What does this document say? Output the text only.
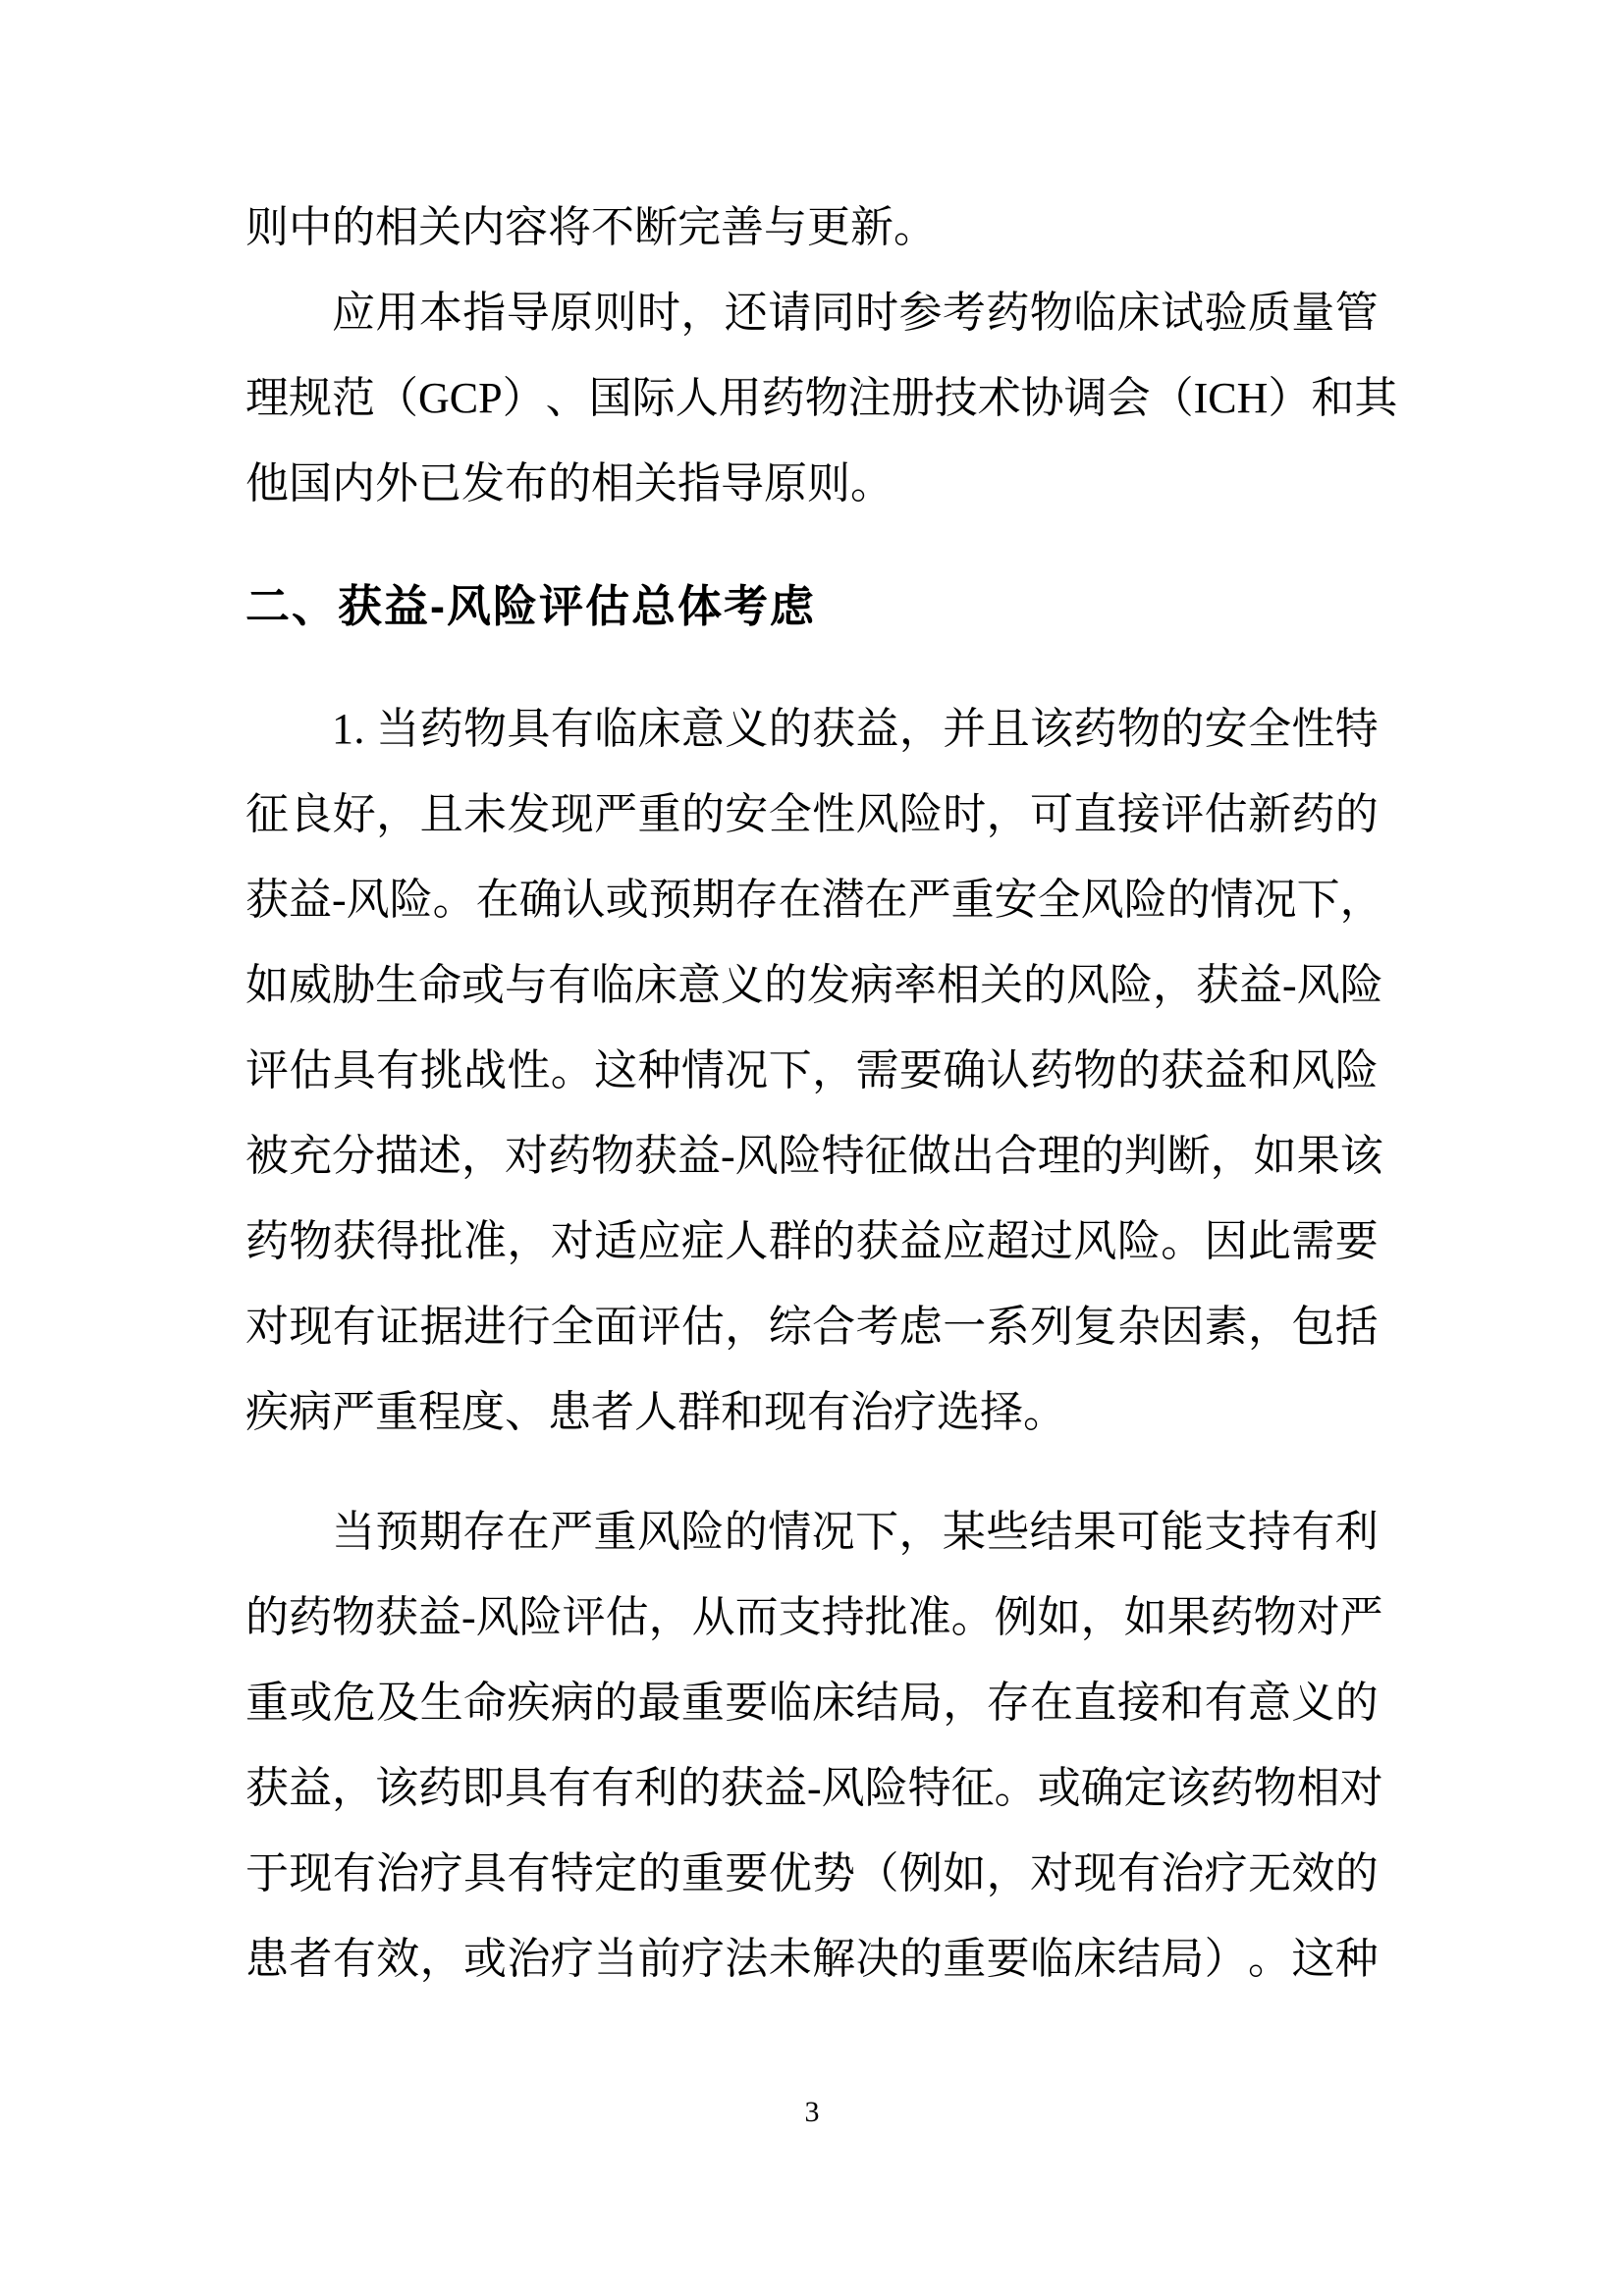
则 中 的 相 关 内 容 将 不 断 完 善 与 更 新 。
应 用 本 指 导 原 则 时 ， 还 请 同 时 参 考 药 物 临 床 试 验 质 量 管
理 规 范 （ G C P ） 、 国 际 人 用 药 物 注 册 技 术 协 调 会 （ I C H ） 和 其
他 国 内 外 已 发 布 的 相 关 指 导 原 则 。
二、获益-风险评估总体考虑
1 .
当 药 物 具 有 临 床 意 义 的 获 益 ， 并 且 该 药 物 的 安 全 性 特
征 良 好 ， 且 未 发 现 严 重 的 安 全 性 风 险 时 ， 可 直 接 评 估 新 药 的
获 益 - 风 险 。 在 确 认 或 预 期 存 在 潜 在 严 重 安 全 风 险 的 情 况 下 ，
如 威 胁 生 命 或 与 有 临 床 意 义 的 发 病 率 相 关 的 风 险 ， 获 益 - 风 险
评 估 具 有 挑 战 性 。 这 种 情 况 下 ， 需 要 确 认 药 物 的 获 益 和 风 险
被 充 分 描 述 ， 对 药 物 获 益 - 风 险 特 征 做 出 合 理 的 判 断 ， 如 果 该
药 物 获 得 批 准 ， 对 适 应 症 人 群 的 获 益 应 超 过 风 险 。 因 此 需 要
对 现 有 证 据 进 行 全 面 评 估 ， 综 合 考 虑 一 系 列 复 杂 因 素 ， 包 括
疾 病 严 重 程 度 、 患 者 人 群 和 现 有 治 疗 选 择 。
当 预 期 存 在 严 重 风 险 的 情 况 下 ， 某 些 结 果 可 能 支 持 有 利
的 药 物 获 益 - 风 险 评 估 ， 从 而 支 持 批 准 。 例 如 ， 如 果 药 物 对 严
重 或 危 及 生 命 疾 病 的 最 重 要 临 床 结 局 ， 存 在 直 接 和 有 意 义 的
获 益 ， 该 药 即 具 有 有 利 的 获 益 - 风 险 特 征 。 或 确 定 该 药 物 相 对
于 现 有 治 疗 具 有 特 定 的 重 要 优 势 （ 例 如 ， 对 现 有 治 疗 无 效 的
患 者 有 效 ， 或 治 疗 当 前 疗 法 未 解 决 的 重 要 临 床 结 局 ） 。 这 种
3
